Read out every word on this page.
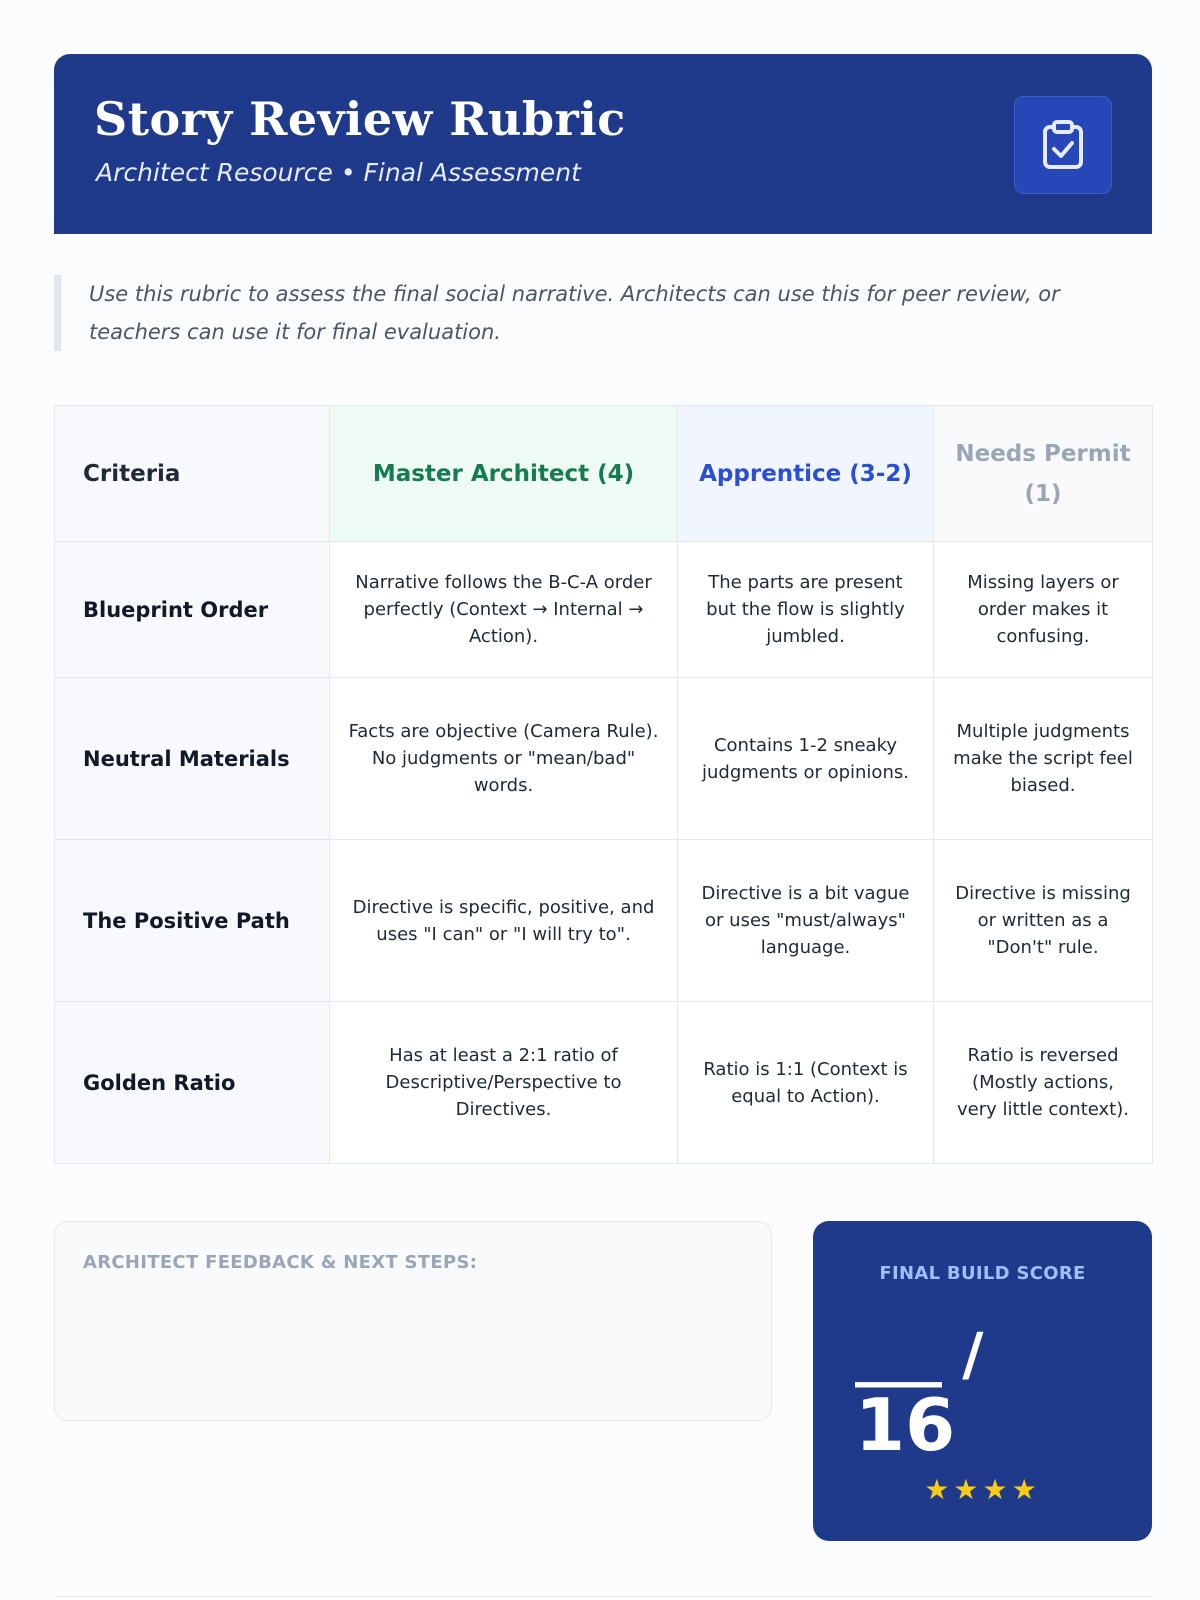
Story Review Rubric
Architect Resource • Final Assessment
Use this rubric to assess the final social narrative. Architects can use this for peer review, or teachers can use it for final evaluation.
Criteria	Master Architect (4)	Apprentice (3-2)	Needs Permit (1)
Blueprint Order	Narrative follows the B-C-A order perfectly (Context → Internal → Action).	The parts are present but the flow is slightly jumbled.	Missing layers or order makes it confusing.
Neutral Materials	Facts are objective (Camera Rule). No judgments or "mean/bad" words.	Contains 1-2 sneaky judgments or opinions.	Multiple judgments make the script feel biased.
The Positive Path	Directive is specific, positive, and uses "I can" or "I will try to".	Directive is a bit vague or uses "must/always" language.	Directive is missing or written as a "Don't" rule.
Golden Ratio	Has at least a 2:1 ratio of Descriptive/Perspective to Directives.	Ratio is 1:1 (Context is equal to Action).	Ratio is reversed (Mostly actions, very little context).
ARCHITECT FEEDBACK & NEXT STEPS:
FINAL BUILD SCORE
___ /
16
★★★★
